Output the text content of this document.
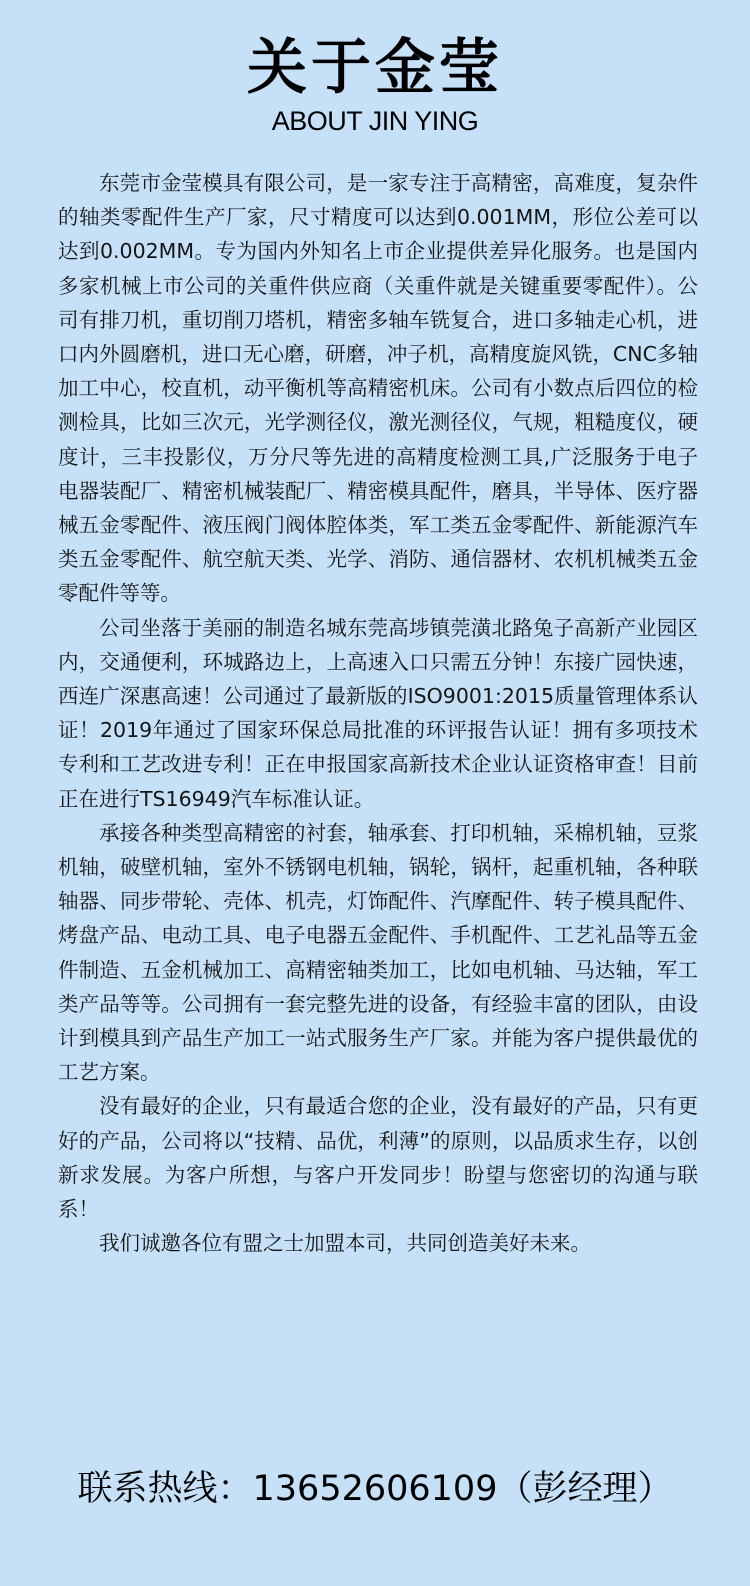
关于金莹
ABOUT JIN YING

东莞市金莹模具有限公司，是一家专注于高精密，高难度，复杂件的轴类零配件生产厂家，尺寸精度可以达到0.001MM，形位公差可以达到0.002MM。专为国内外知名上市企业提供差异化服务。也是国内多家机械上市公司的关重件供应商（关重件就是关键重要零配件）。公司有排刀机，重切削刀塔机，精密多轴车铣复合，进口多轴走心机，进口内外圆磨机，进口无心磨，研磨，冲子机，高精度旋风铣，CNC多轴加工中心，校直机，动平衡机等高精密机床。公司有小数点后四位的检测检具，比如三次元，光学测径仪，激光测径仪，气规，粗糙度仪，硬度计，三丰投影仪，万分尺等先进的高精度检测工具,广泛服务于电子电器装配厂、精密机械装配厂、精密模具配件，磨具，半导体、医疗器械五金零配件、液压阀门阀体腔体类，军工类五金零配件、新能源汽车类五金零配件、航空航天类、光学、消防、通信器材、农机机械类五金零配件等等。

公司坐落于美丽的制造名城东莞高埗镇莞潢北路兔子高新产业园区内，交通便利，环城路边上，上高速入口只需五分钟！东接广园快速，西连广深惠高速！公司通过了最新版的ISO9001:2015质量管理体系认证！2019年通过了国家环保总局批准的环评报告认证！拥有多项技术专利和工艺改进专利！正在申报国家高新技术企业认证资格审查！目前正在进行TS16949汽车标准认证。

承接各种类型高精密的衬套，轴承套、打印机轴，采棉机轴，豆浆机轴，破壁机轴，室外不锈钢电机轴，锅轮，锅杆，起重机轴，各种联轴器、同步带轮、壳体、机壳，灯饰配件、汽摩配件、转子模具配件、烤盘产品、电动工具、电子电器五金配件、手机配件、工艺礼品等五金件制造、五金机械加工、高精密轴类加工，比如电机轴、马达轴，军工类产品等等。公司拥有一套完整先进的设备，有经验丰富的团队，由设计到模具到产品生产加工一站式服务生产厂家。并能为客户提供最优的工艺方案。

没有最好的企业，只有最适合您的企业，没有最好的产品，只有更好的产品，公司将以“技精、品优，利薄”的原则，以品质求生存，以创新求发展。为客户所想，与客户开发同步！盼望与您密切的沟通与联系！

我们诚邀各位有盟之士加盟本司，共同创造美好未来。

联系热线：13652606109（彭经理）
